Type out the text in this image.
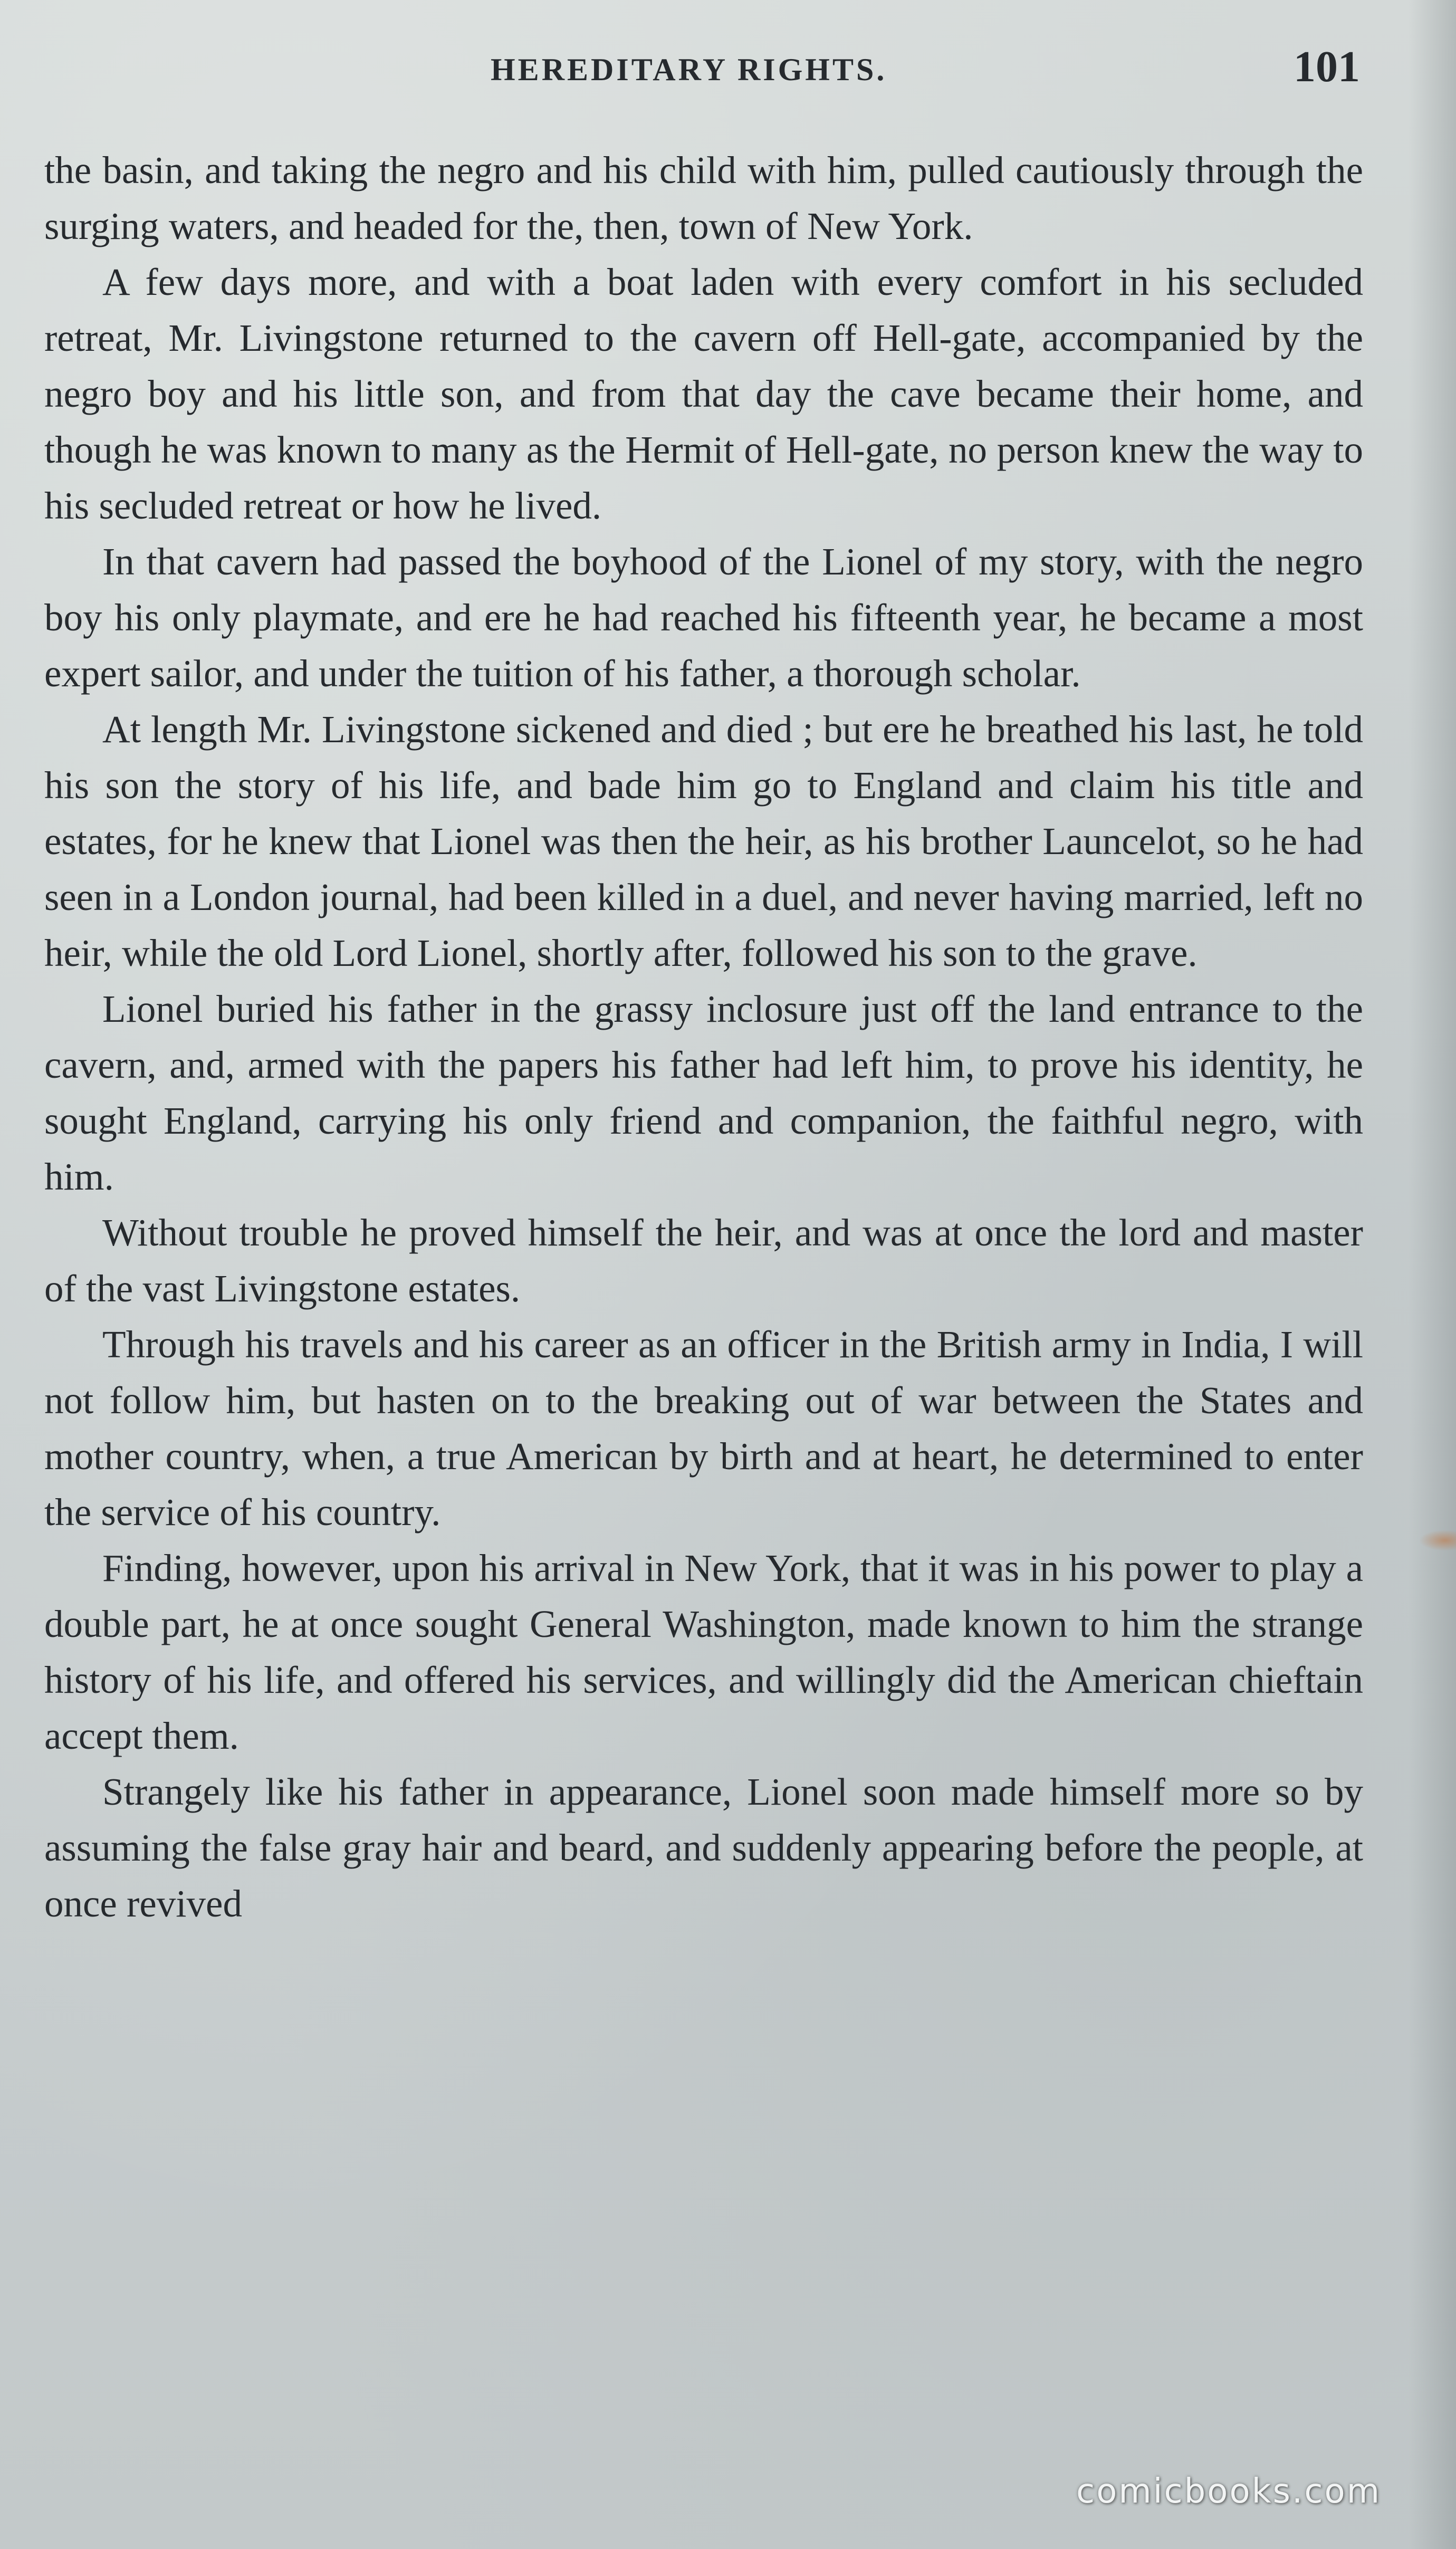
HEREDITARY RIGHTS.	101

the basin, and taking the negro and his child with him, pulled cautiously through the surging waters, and headed for the, then, town of New York.

A few days more, and with a boat laden with every comfort in his secluded retreat, Mr. Livingstone returned to the cavern off Hell-gate, accompanied by the negro boy and his little son, and from that day the cave became their home, and though he was known to many as the Hermit of Hell-gate, no person knew the way to his secluded retreat or how he lived.

In that cavern had passed the boyhood of the Lionel of my story, with the negro boy his only playmate, and ere he had reached his fifteenth year, he became a most expert sailor, and under the tuition of his father, a thorough scholar.

At length Mr. Livingstone sickened and died ; but ere he breathed his last, he told his son the story of his life, and bade him go to England and claim his title and estates, for he knew that Lionel was then the heir, as his brother Launcelot, so he had seen in a London journal, had been killed in a duel, and never having married, left no heir, while the old Lord Lionel, shortly after, followed his son to the grave.

Lionel buried his father in the grassy inclosure just off the land entrance to the cavern, and, armed with the papers his father had left him, to prove his identity, he sought England, carrying his only friend and companion, the faithful negro, with him.

Without trouble he proved himself the heir, and was at once the lord and master of the vast Livingstone estates.

Through his travels and his career as an officer in the British army in India, I will not follow him, but hasten on to the breaking out of war between the States and mother country, when, a true American by birth and at heart, he determined to enter the service of his country.

Finding, however, upon his arrival in New York, that it was in his power to play a double part, he at once sought General Washington, made known to him the strange history of his life, and offered his services, and willingly did the American chieftain accept them.

Strangely like his father in appearance, Lionel soon made himself more so by assuming the false gray hair and beard, and suddenly appearing before the people, at once revived

comicbooks.com
